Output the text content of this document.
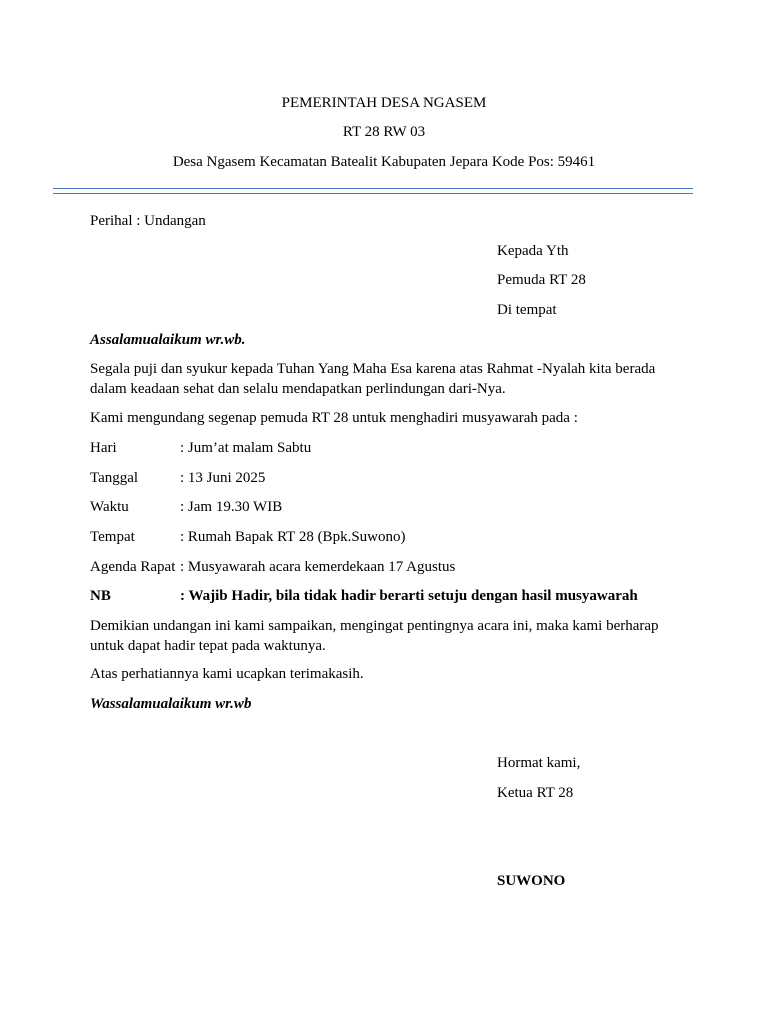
PEMERINTAH DESA NGASEM
RT 28 RW 03
Desa Ngasem Kecamatan Batealit Kabupaten Jepara Kode Pos: 59461
Perihal : Undangan
Kepada Yth
Pemuda RT 28
Di tempat
Assalamualaikum wr.wb.
Segala puji dan syukur kepada Tuhan Yang Maha Esa karena atas Rahmat -Nyalah kita berada dalam keadaan sehat dan selalu mendapatkan perlindungan dari-Nya.
Kami mengundang segenap pemuda RT 28 untuk menghadiri musyawarah pada :
Hari	: Jum’at malam Sabtu
Tanggal	: 13 Juni 2025
Waktu	: Jam 19.30 WIB
Tempat	: Rumah Bapak RT 28 (Bpk.Suwono)
Agenda Rapat : Musyawarah acara kemerdekaan 17 Agustus
NB	: Wajib Hadir, bila tidak hadir berarti setuju dengan hasil musyawarah
Demikian undangan ini kami sampaikan, mengingat pentingnya acara ini, maka kami berharap untuk dapat hadir tepat pada waktunya.
Atas perhatiannya kami ucapkan terimakasih.
Wassalamualaikum wr.wb
Hormat kami,
Ketua RT 28
SUWONO
